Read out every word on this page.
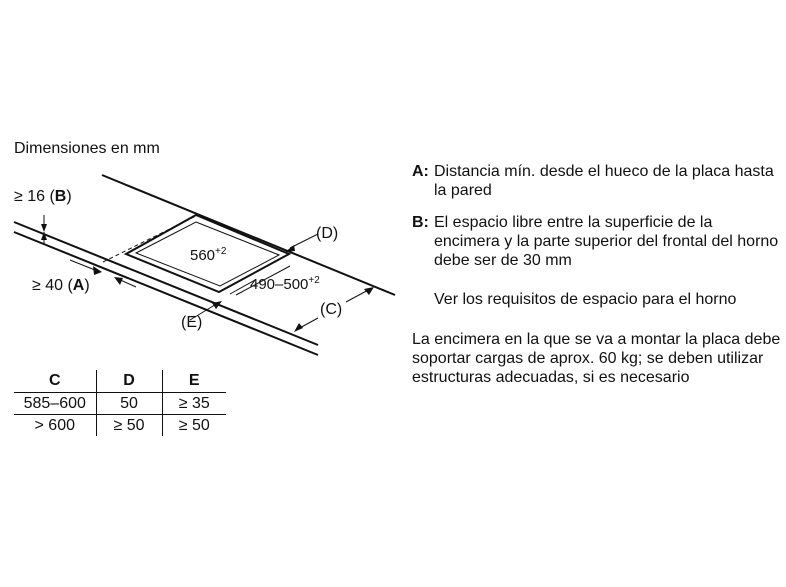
Dimensiones en mm
≥ 16 (B)
≥ 40 (A)
(D)
(E)
(C)
$560^{+2}$
$490-500^{+2}$
C	D	E
585–600	50	≥ 35
> 600	≥ 50	≥ 50
A: Distancia mín. desde el hueco de la placa hasta la pared
B: El espacio libre entre la superficie de la encimera y la parte superior del frontal del horno debe ser de 30 mm
Ver los requisitos de espacio para el horno
La encimera en la que se va a montar la placa debe soportar cargas de aprox. 60 kg; se deben utilizar estructuras adecuadas, si es necesario
